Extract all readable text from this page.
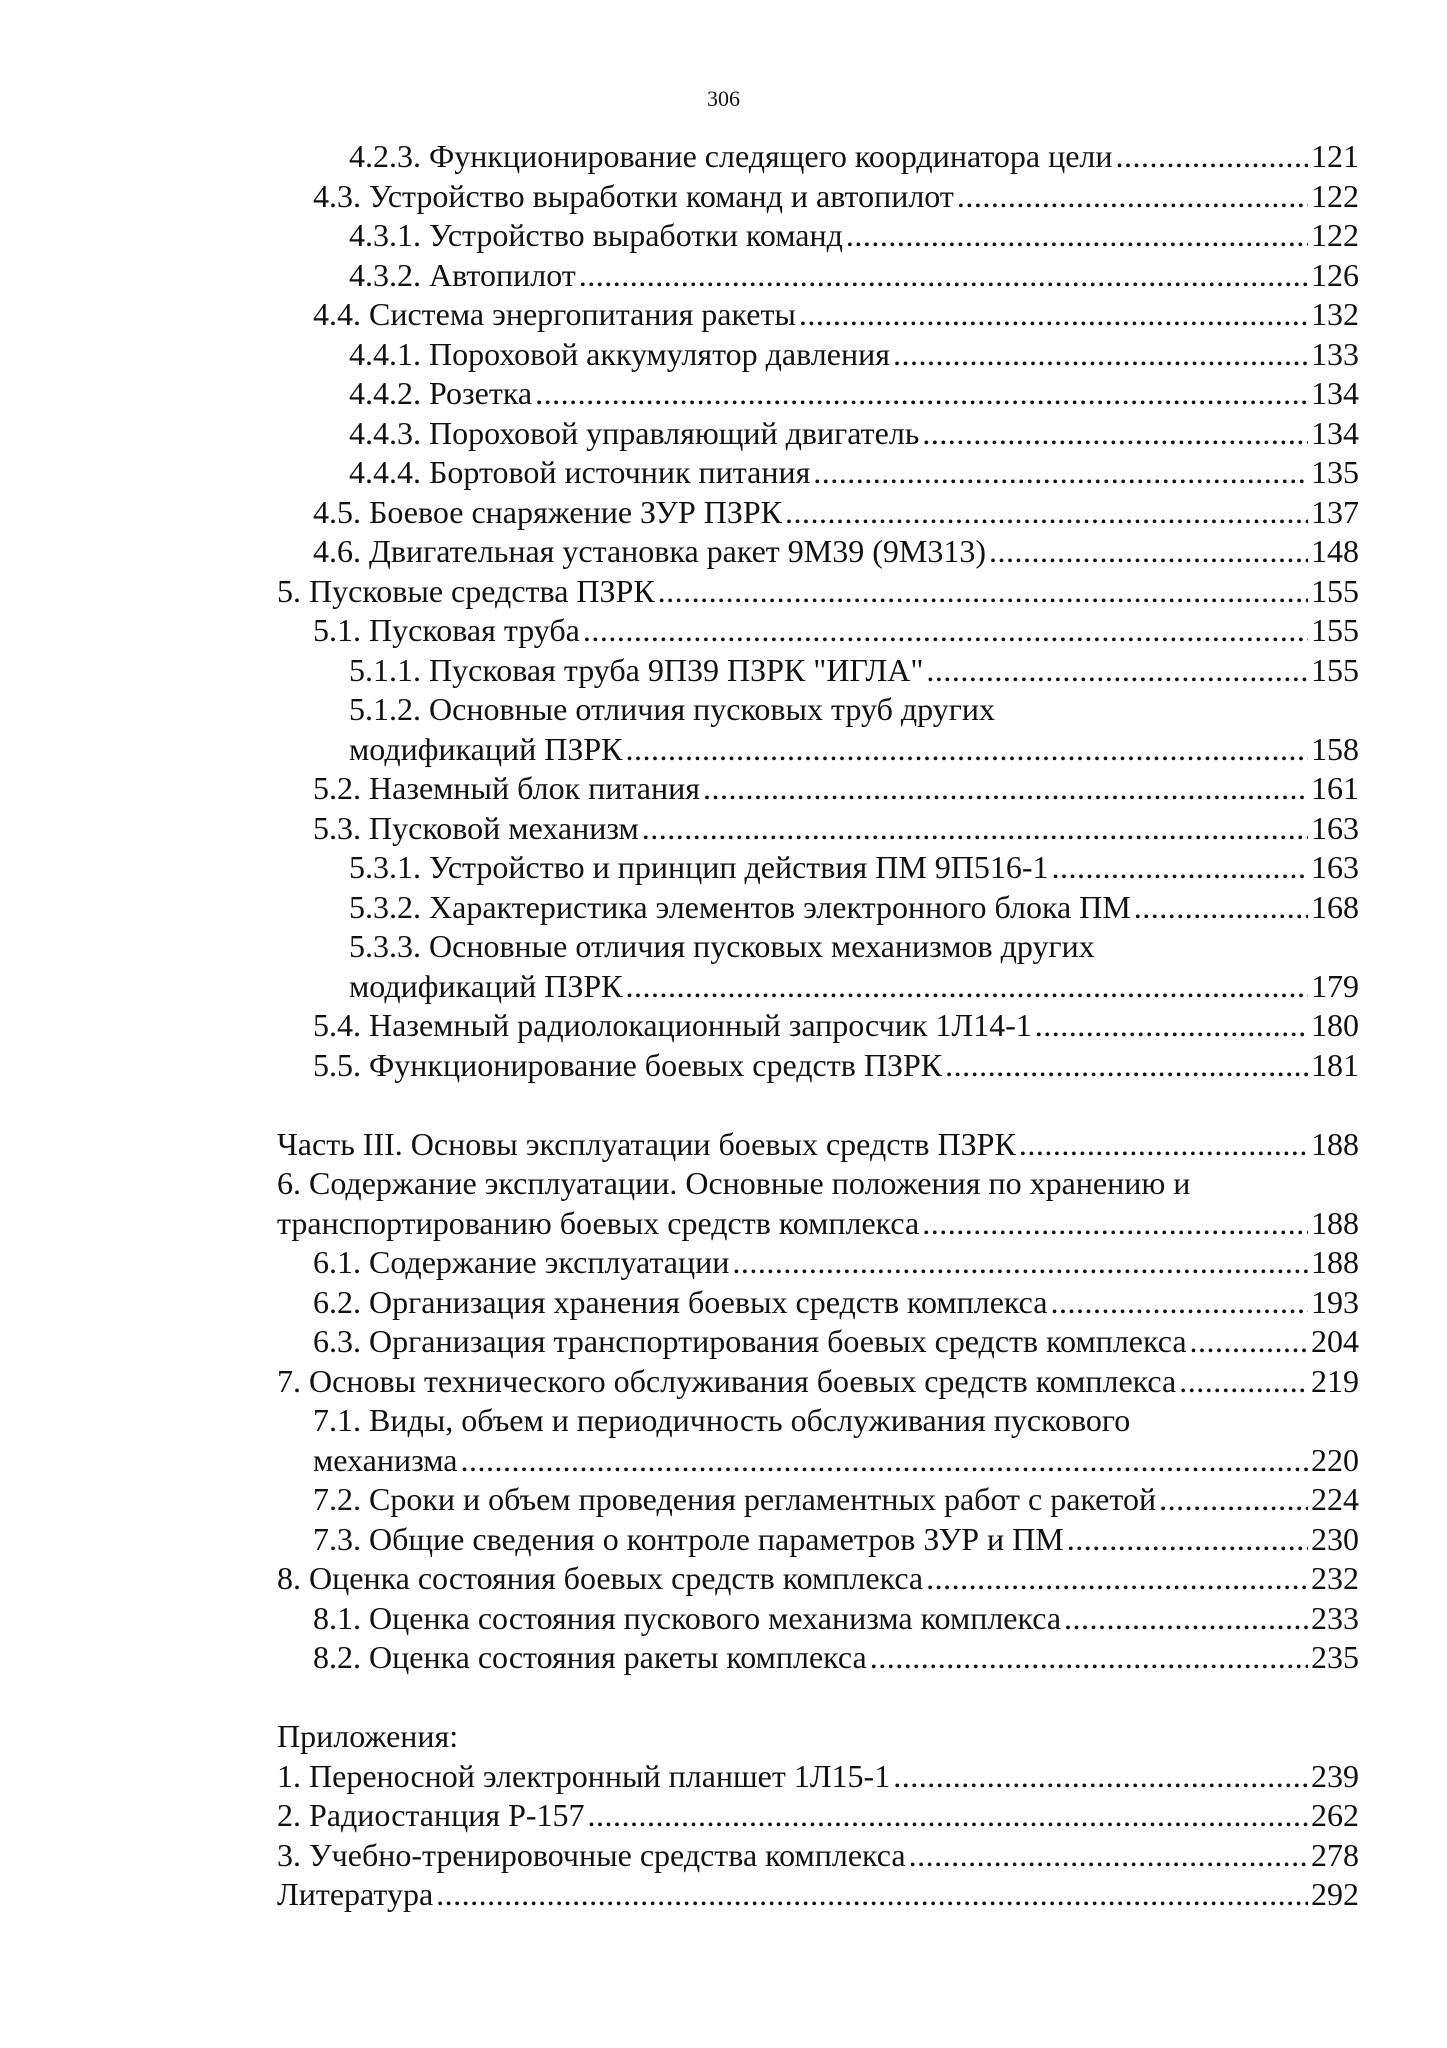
306
4.2.3. Функционирование следящего координатора цели .....	121
4.3. Устройство выработки команд и автопилот .....	122
4.3.1. Устройство выработки команд .....	122
4.3.2. Автопилот .....	126
4.4. Система энергопитания ракеты .....	132
4.4.1. Пороховой аккумулятор давления .....	133
4.4.2. Розетка .....	134
4.4.3. Пороховой управляющий двигатель .....	134
4.4.4. Бортовой источник питания .....	135
4.5. Боевое снаряжение ЗУР ПЗРК .....	137
4.6. Двигательная установка ракет 9М39 (9М313) .....	148
5. Пусковые средства ПЗРК .....	155
5.1. Пусковая труба .....	155
5.1.1. Пусковая труба 9П39 ПЗРК "ИГЛА" .....	155
5.1.2. Основные отличия пусковых труб других
модификаций ПЗРК .....	158
5.2. Наземный блок питания .....	161
5.3. Пусковой механизм .....	163
5.3.1. Устройство и принцип действия ПМ 9П516-1 .....	163
5.3.2. Характеристика элементов электронного блока ПМ .....	168
5.3.3. Основные отличия пусковых механизмов других
модификаций ПЗРК .....	179
5.4. Наземный радиолокационный запросчик 1Л14-1 .....	180
5.5. Функционирование боевых средств ПЗРК .....	181
Часть III. Основы эксплуатации боевых средств ПЗРК .....	188
6. Содержание эксплуатации. Основные положения по хранению и
транспортированию боевых средств комплекса .....	188
6.1. Содержание эксплуатации .....	188
6.2. Организация хранения боевых средств комплекса .....	193
6.3. Организация транспортирования боевых средств комплекса .....	204
7. Основы технического обслуживания боевых средств комплекса .....	219
7.1. Виды, объем и периодичность обслуживания пускового
механизма .....	220
7.2. Сроки и объем проведения регламентных работ с ракетой .....	224
7.3. Общие сведения о контроле параметров ЗУР и ПМ .....	230
8. Оценка состояния боевых средств комплекса .....	232
8.1. Оценка состояния пускового механизма комплекса .....	233
8.2. Оценка состояния ракеты комплекса .....	235
Приложения:
1. Переносной электронный планшет 1Л15-1 .....	239
2. Радиостанция Р-157 .....	262
3. Учебно-тренировочные средства комплекса .....	278
Литература .....	292
